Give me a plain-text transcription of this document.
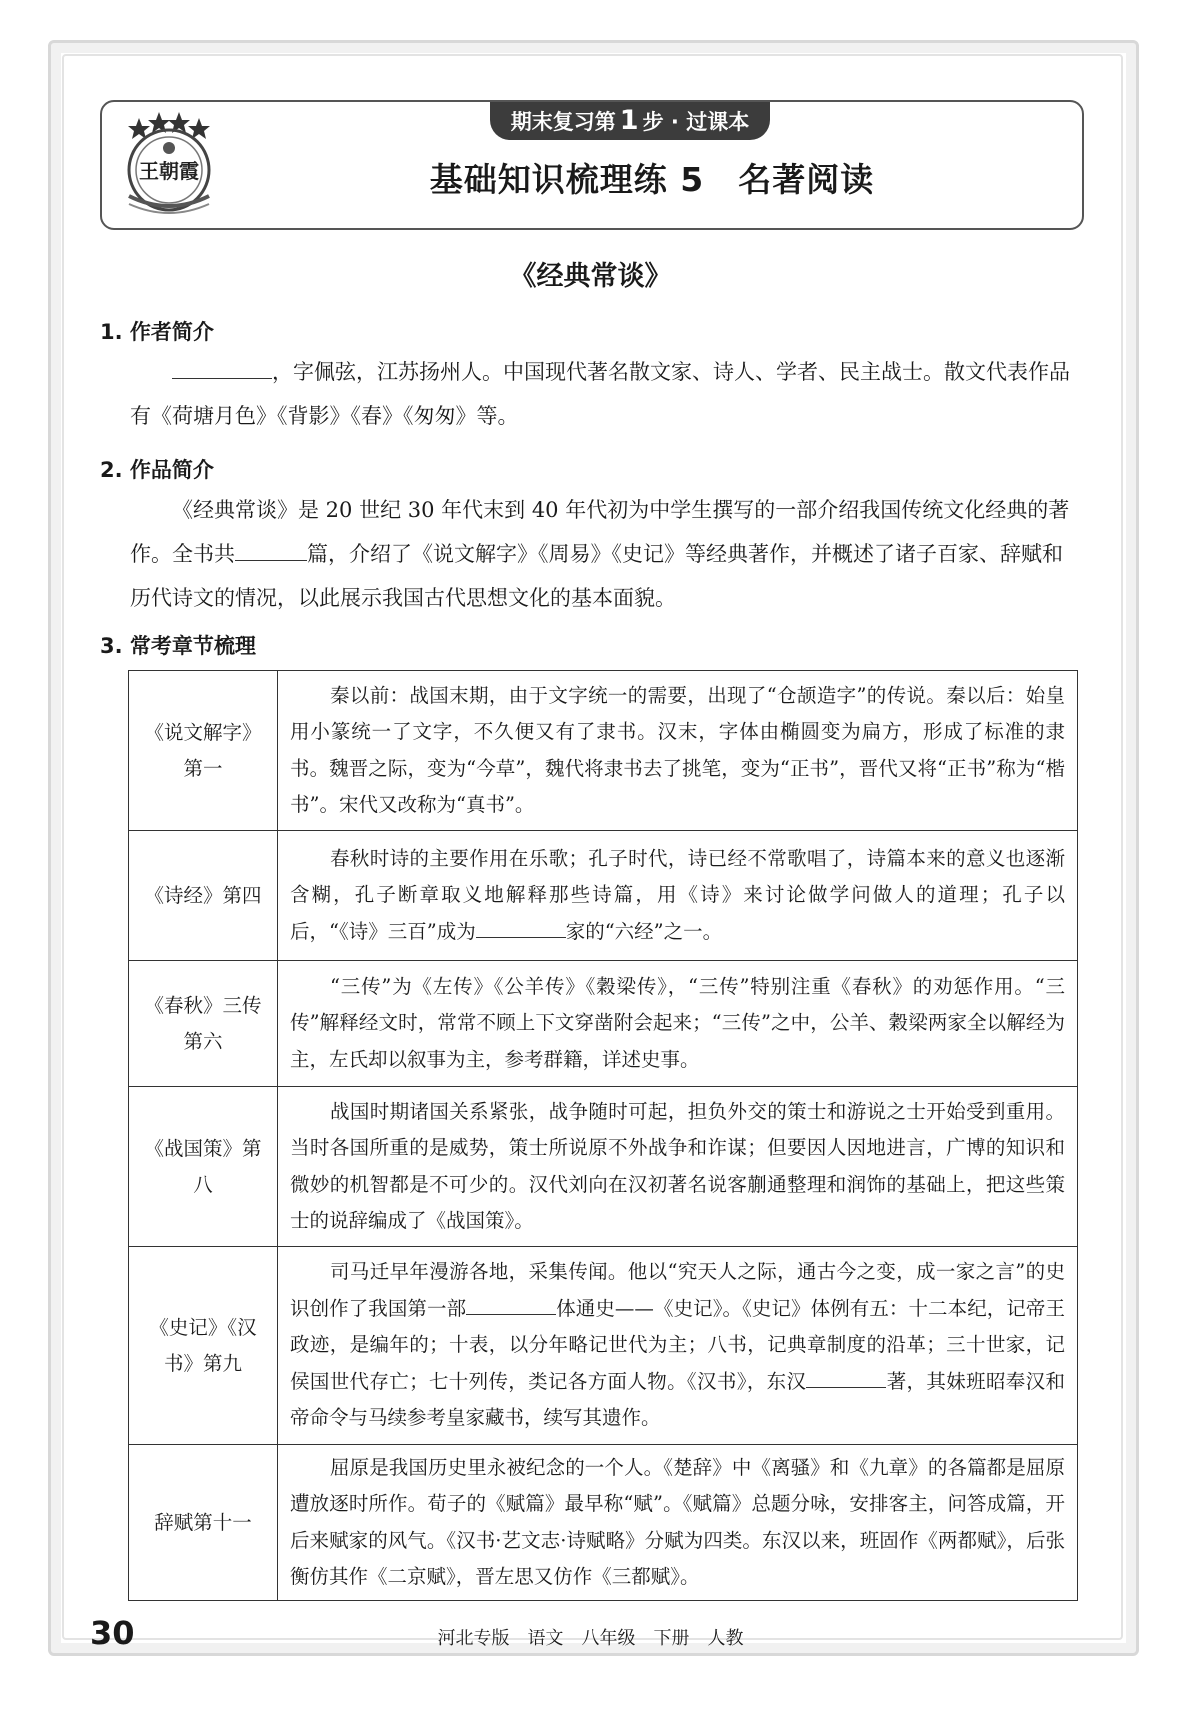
期末复习第 1 步 · 过课本
王朝霞	基础知识梳理练 5　名著阅读
《经典常谈》
1. 作者简介
，字佩弦，江苏扬州人。中国现代著名散文家、诗人、学者、民主战士。散文代表作品有《荷塘月色》《背影》《春》《匆匆》等。
2. 作品简介
《经典常谈》是 20 世纪 30 年代末到 40 年代初为中学生撰写的一部介绍我国传统文化经典的著作。全书共	篇，介绍了《说文解字》《周易》《史记》等经典著作，并概述了诸子百家、辞赋和历代诗文的情况，以此展示我国古代思想文化的基本面貌。
3. 常考章节梳理
《说文解字》第一	秦以前：战国末期，由于文字统一的需要，出现了“仓颉造字”的传说。秦以后：始皇用小篆统一了文字，不久便又有了隶书。汉末，字体由椭圆变为扁方，形成了标准的隶书。魏晋之际，变为“今草”，魏代将隶书去了挑笔，变为“正书”，晋代又将“正书”称为“楷书”。宋代又改称为“真书”。
《诗经》第四	春秋时诗的主要作用在乐歌；孔子时代，诗已经不常歌唱了，诗篇本来的意义也逐渐含糊，孔子断章取义地解释那些诗篇，用《诗》来讨论做学问做人的道理；孔子以后，“《诗》三百”成为 家的“六经”之一。
《春秋》三传第六	“三传”为《左传》《公羊传》《穀梁传》，“三传”特别注重《春秋》的劝惩作用。“三传”解释经文时，常常不顾上下文穿凿附会起来；“三传”之中，公羊、穀梁两家全以解经为主，左氏却以叙事为主，参考群籍，详述史事。
《战国策》第八	战国时期诸国关系紧张，战争随时可起，担负外交的策士和游说之士开始受到重用。当时各国所重的是威势，策士所说原不外战争和诈谋；但要因人因地进言，广博的知识和微妙的机智都是不可少的。汉代刘向在汉初著名说客蒯通整理和润饰的基础上，把这些策士的说辞编成了《战国策》。
《史记》《汉书》第九	司马迁早年漫游各地，采集传闻。他以“究天人之际，通古今之变，成一家之言”的史识创作了我国第一部 体通史——《史记》。《史记》体例有五：十二本纪，记帝王政迹，是编年的；十表，以分年略记世代为主；八书，记典章制度的沿革；三十世家，记侯国世代存亡；七十列传，类记各方面人物。《汉书》，东汉 著，其妹班昭奉汉和帝命令与马续参考皇家藏书，续写其遗作。
辞赋第十一	屈原是我国历史里永被纪念的一个人。《楚辞》中《离骚》和《九章》的各篇都是屈原遭放逐时所作。荀子的《赋篇》最早称“赋”。《赋篇》总题分咏，安排客主，问答成篇，开后来赋家的风气。《汉书·艺文志·诗赋略》分赋为四类。东汉以来，班固作《两都赋》，后张衡仿其作《二京赋》，晋左思又仿作《三都赋》。
30	河北专版　语文　八年级　下册　人教
